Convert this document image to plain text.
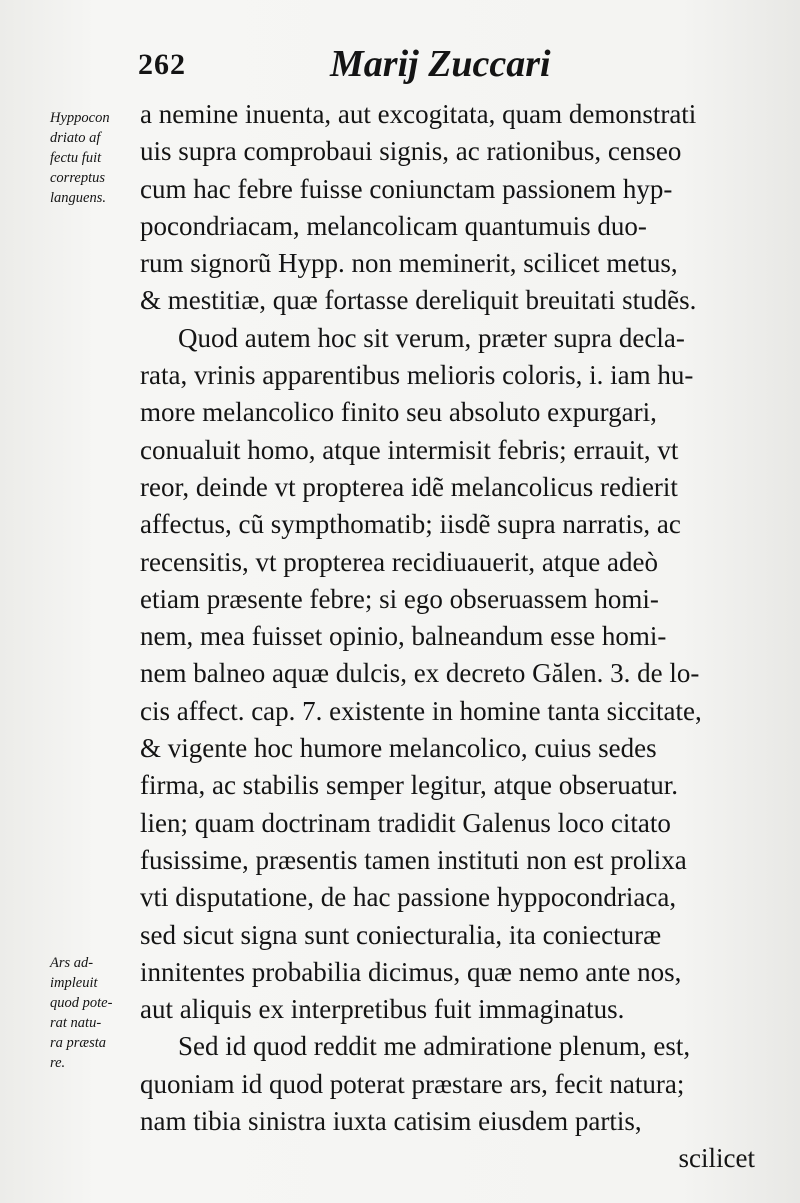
262	Marij Zuccari
Hyppocon
driato af
fectu fuit
correptus
languens.
Ars ad-
impleuit
quod pote-
rat natu-
ra præsta
re.
a nemine inuenta, aut excogitata, quam demonstrati
uis supra comprobaui signis, ac rationibus, censeo
cum hac febre fuisse coniunctam passionem hyp-
pocondriacam, melancolicam quantumuis duo-
rum signorũ Hypp. non meminerit, scilicet metus,
& mestitiæ, quæ fortasse dereliquit breuitati studẽs.
Quod autem hoc sit verum, præter supra decla-
rata, vrinis apparentibus melioris coloris, i. iam hu-
more melancolico finito seu absoluto expurgari,
conualuit homo, atque intermisit febris; errauit, vt
reor, deinde vt propterea idẽ melancolicus redierit
affectus, cũ sympthomatib; iisdẽ supra narratis, ac
recensitis, vt propterea recidiuauerit, atque adeò
etiam præsente febre; si ego obseruassem homi-
nem, mea fuisset opinio, balneandum esse homi-
nem balneo aquæ dulcis, ex decreto Gălen. 3. de lo-
cis affect. cap. 7. existente in homine tanta siccitate,
& vigente hoc humore melancolico, cuius sedes
firma, ac stabilis semper legitur, atque obseruatur.
lien; quam doctrinam tradidit Galenus loco citato
fusissime, præsentis tamen instituti non est prolixa
vti disputatione, de hac passione hyppocondriaca,
sed sicut signa sunt coniecturalia, ita coniecturæ
innitentes probabilia dicimus, quæ nemo ante nos,
aut aliquis ex interpretibus fuit immaginatus.
Sed id quod reddit me admiratione plenum, est,
quoniam id quod poterat præstare ars, fecit natura;
nam tibia sinistra iuxta catisim eiusdem partis,
scilicet
